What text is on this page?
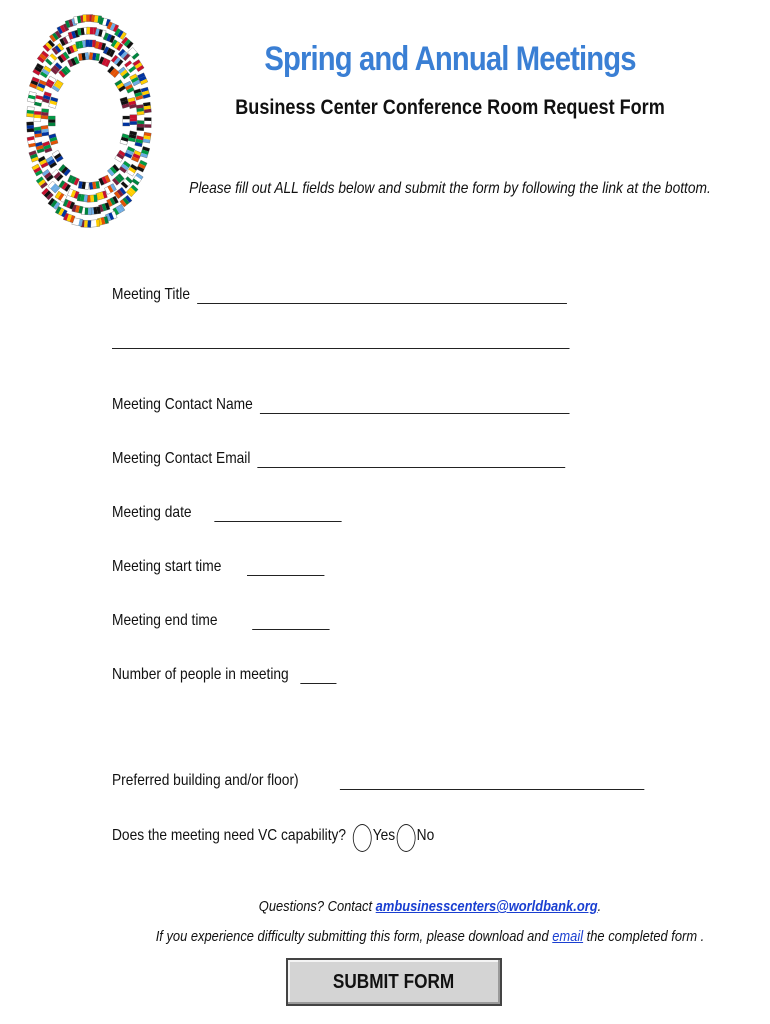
Spring and Annual Meetings
Business Center Conference Room Request Form
Please fill out ALL fields below and submit the form by following the link at the bottom.
Meeting Title
Meeting Contact Name
Meeting Contact Email
Meeting date
Meeting start time
Meeting end time
Number of people in meeting
Preferred building and/or floor)
Does the meeting need VC capability? Yes No
Questions? Contact ambusinesscenters@worldbank.org.
If you experience difficulty submitting this form, please download and email the completed form .
SUBMIT FORM
